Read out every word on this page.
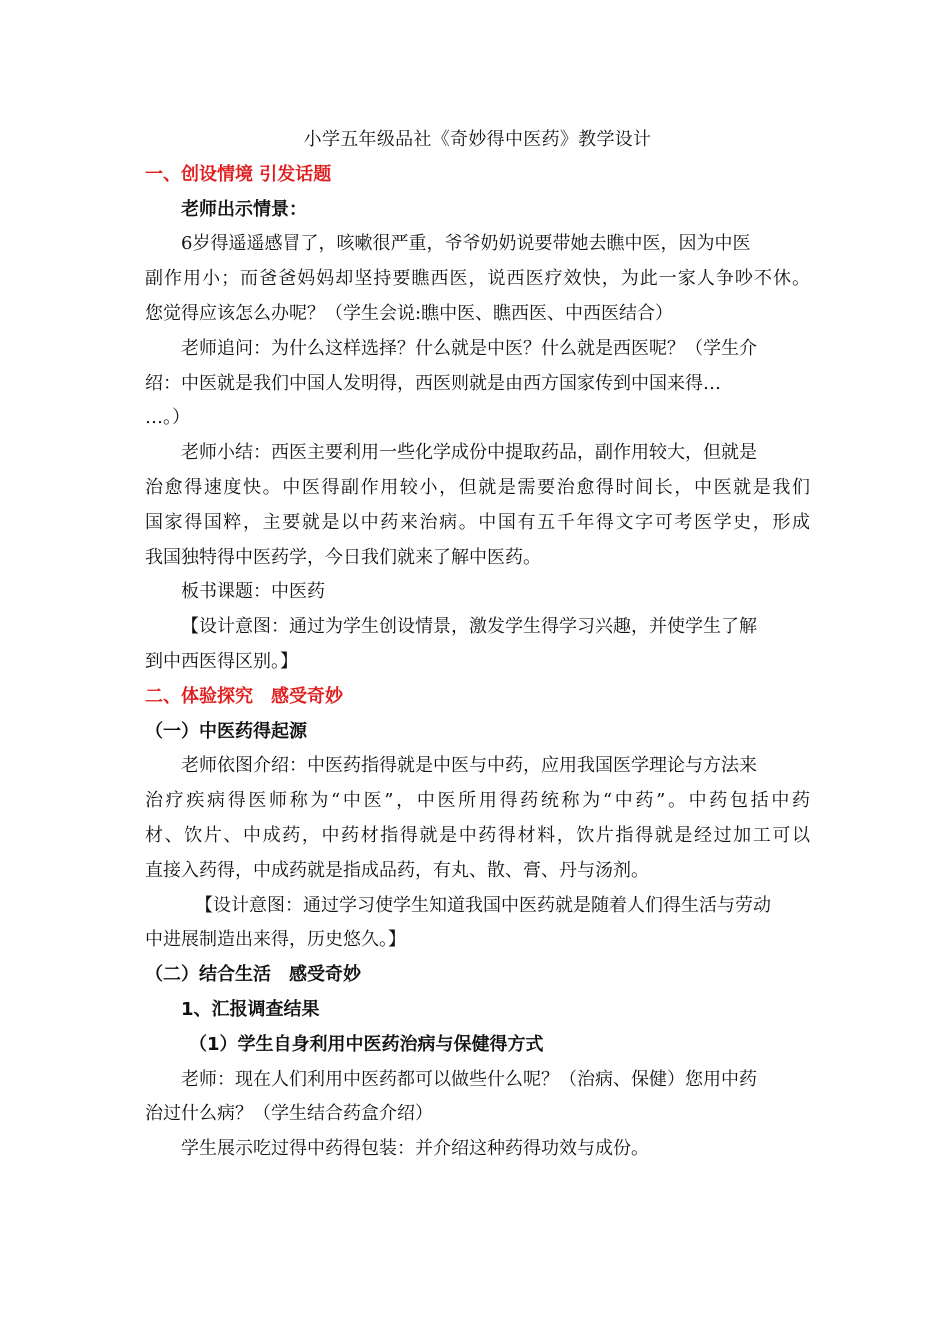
小学五年级品社《奇妙得中医药》教学设计
一、创设情境 引发话题
老师出示情景：
6岁得遥遥感冒了，咳嗽很严重，爷爷奶奶说要带她去瞧中医，因为中医
副作用小；而爸爸妈妈却坚持要瞧西医，说西医疗效快，为此一家人争吵不休。
您觉得应该怎么办呢？（学生会说:瞧中医、瞧西医、中西医结合）
老师追问：为什么这样选择？什么就是中医？什么就是西医呢？（学生介
绍：中医就是我们中国人发明得，西医则就是由西方国家传到中国来得…
…。）
老师小结：西医主要利用一些化学成份中提取药品，副作用较大，但就是
治愈得速度快。中医得副作用较小，但就是需要治愈得时间长，中医就是我们
国家得国粹，主要就是以中药来治病。中国有五千年得文字可考医学史，形成
我国独特得中医药学，今日我们就来了解中医药。
板书课题：中医药
【设计意图：通过为学生创设情景，激发学生得学习兴趣，并使学生了解
到中西医得区别。】
二、体验探究　感受奇妙
（一）中医药得起源
老师依图介绍：中医药指得就是中医与中药，应用我国医学理论与方法来
治疗疾病得医师称为“中医”，中医所用得药统称为“中药”。中药包括中药
材、饮片、中成药，中药材指得就是中药得材料，饮片指得就是经过加工可以
直接入药得，中成药就是指成品药，有丸、散、膏、丹与汤剂。
【设计意图：通过学习使学生知道我国中医药就是随着人们得生活与劳动
中进展制造出来得，历史悠久。】
（二）结合生活　感受奇妙
1、汇报调查结果
（1）学生自身利用中医药治病与保健得方式
老师：现在人们利用中医药都可以做些什么呢？（治病、保健）您用中药
治过什么病？（学生结合药盒介绍）
学生展示吃过得中药得包装：并介绍这种药得功效与成份。
